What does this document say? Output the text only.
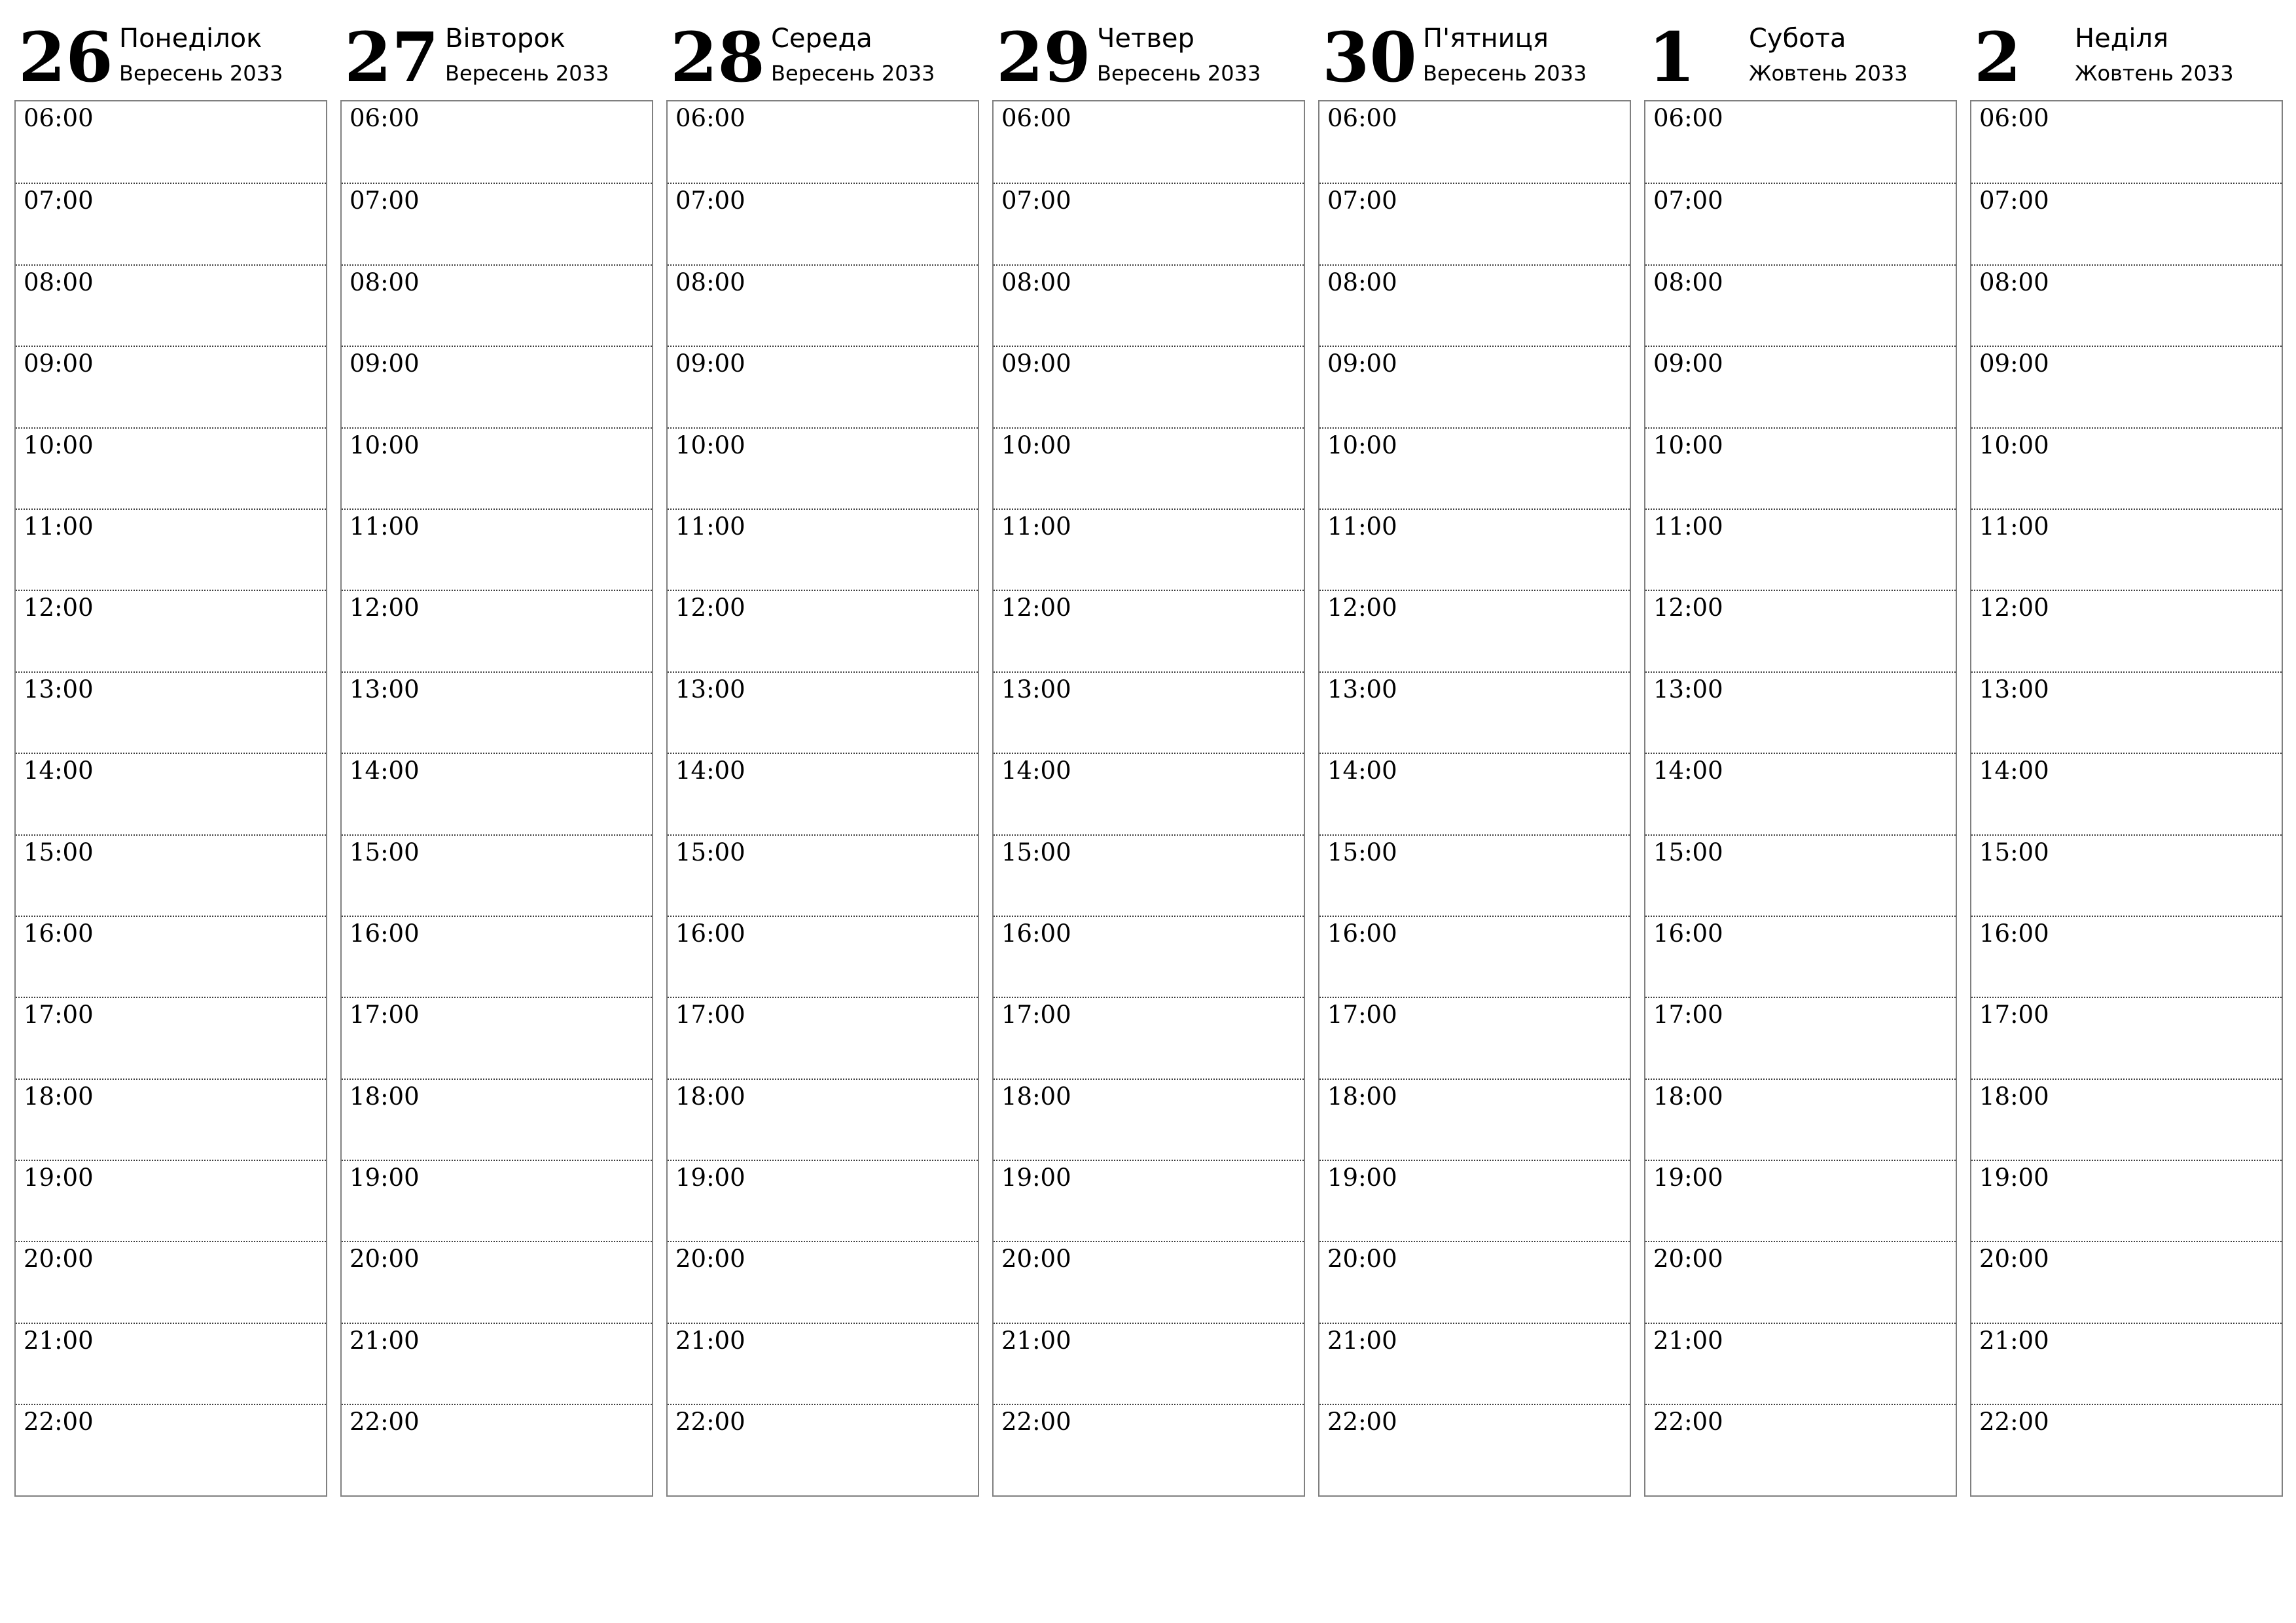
26 Понеділок
Вересень 2033
06:00
07:00
08:00
09:00
10:00
11:00
12:00
13:00
14:00
15:00
16:00
17:00
18:00
19:00
20:00
21:00
22:00
27 Вівторок
Вересень 2033
06:00
07:00
08:00
09:00
10:00
11:00
12:00
13:00
14:00
15:00
16:00
17:00
18:00
19:00
20:00
21:00
22:00
28 Середа
Вересень 2033
06:00
07:00
08:00
09:00
10:00
11:00
12:00
13:00
14:00
15:00
16:00
17:00
18:00
19:00
20:00
21:00
22:00
29 Четвер
Вересень 2033
06:00
07:00
08:00
09:00
10:00
11:00
12:00
13:00
14:00
15:00
16:00
17:00
18:00
19:00
20:00
21:00
22:00
30 П'ятниця
Вересень 2033
06:00
07:00
08:00
09:00
10:00
11:00
12:00
13:00
14:00
15:00
16:00
17:00
18:00
19:00
20:00
21:00
22:00
1 Субота
Жовтень 2033
06:00
07:00
08:00
09:00
10:00
11:00
12:00
13:00
14:00
15:00
16:00
17:00
18:00
19:00
20:00
21:00
22:00
2 Неділя
Жовтень 2033
06:00
07:00
08:00
09:00
10:00
11:00
12:00
13:00
14:00
15:00
16:00
17:00
18:00
19:00
20:00
21:00
22:00
